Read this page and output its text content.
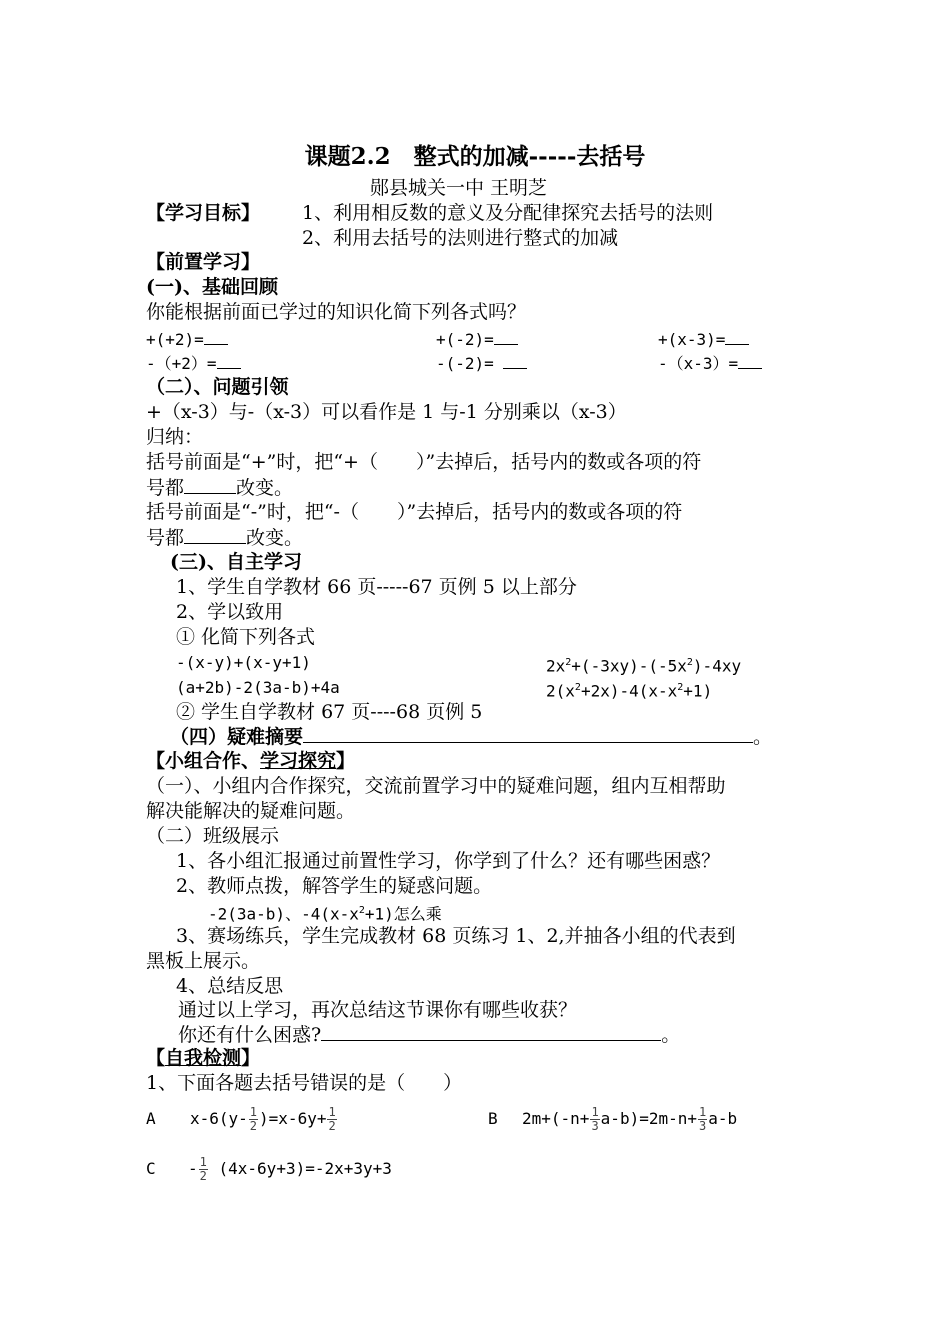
课题2.2　整式的加减-----去括号
郧县城关一中 王明芝
【学习目标】 1、利用相反数的意义及分配律探究去括号的法则
2、利用去括号的法则进行整式的加减
【前置学习】
(一)、基础回顾
你能根据前面已学过的知识化简下列各式吗？
+(+2)=	+(-2)=	+(x-3)=
-（+2）=	-(-2)=	-（x-3）=
（二）、问题引领
+（x-3）与-（x-3）可以看作是 1 与-1 分别乘以（x-3）
归纳：
括号前面是“+”时，把“+（　　）”去掉后，括号内的数或各项的符
号都	改变。
括号前面是“-”时，把“-（　　）”去掉后，括号内的数或各项的符
号都	改变。
(三)、自主学习
1、学生自学教材 66 页-----67 页例 5 以上部分
2、学以致用
① 化简下列各式
-(x-y)+(x-y+1)	$2x^2+(-3xy)-(-5x^2)-4xy$
(a+2b)-2(3a-b)+4a	$2(x^2+2x)-4(x-x^2+1)$
② 学生自学教材 67 页----68 页例 5
（四）疑难摘要	。
【小组合作、学习探究】
（一）、小组内合作探究，交流前置学习中的疑难问题，组内互相帮助
解决能解决的疑难问题。
（二）班级展示
1、各小组汇报通过前置性学习，你学到了什么？还有哪些困惑？
2、教师点拨，解答学生的疑惑问题。
-2(3a-b)、$-4(x-x^2+1)$怎么乘
3、赛场练兵，学生完成教材 68 页练习 1、2,并抽各小组的代表到
黑板上展示。
4、总结反思
通过以上学习，再次总结这节课你有哪些收获？
你还有什么困惑?	。
【自我检测】
1、下面各题去括号错误的是（　　）
A $x-6(y- \frac{1}{2} )=x-6y+ \frac{1}{2}$	B $2m+(-n+ \frac{1}{3} a-b)=2m-n+ \frac{1}{3} a-b$
$C - \frac{1}{2} (4x-6y+3)=-2x+3y+3$
